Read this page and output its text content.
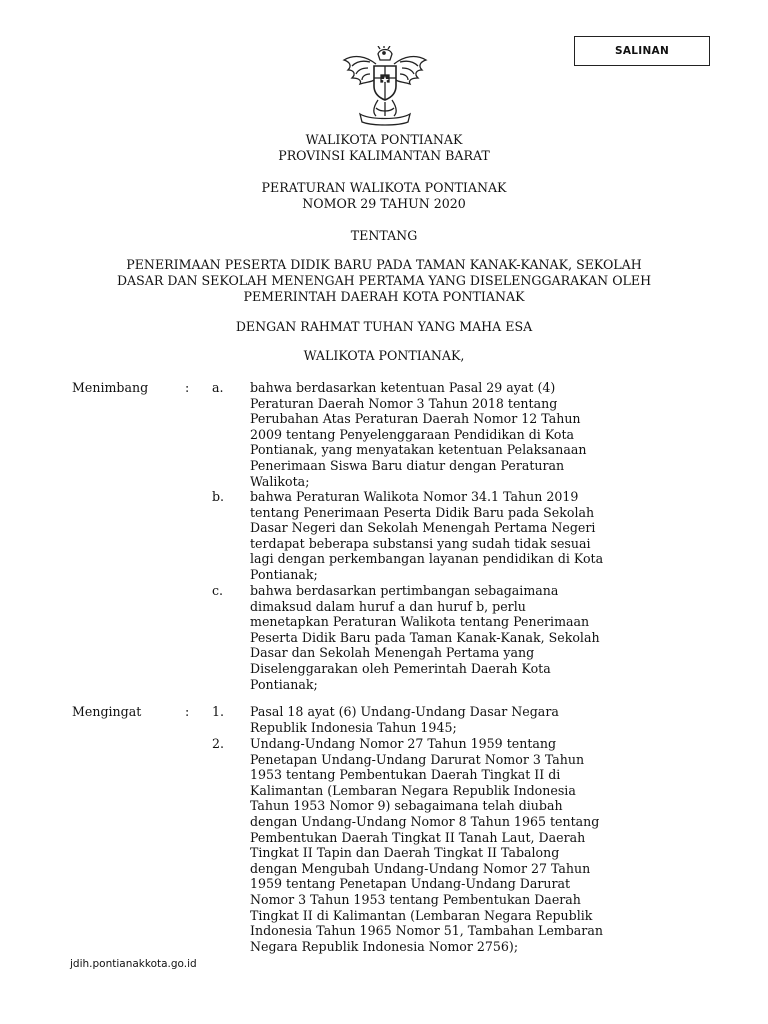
SALINAN
WALIKOTA PONTIANAK
PROVINSI KALIMANTAN BARAT
PERATURAN WALIKOTA PONTIANAK
NOMOR 29 TAHUN 2020
TENTANG
PENERIMAAN PESERTA DIDIK BARU PADA TAMAN KANAK-KANAK, SEKOLAH
DASAR DAN SEKOLAH MENENGAH PERTAMA YANG DISELENGGARAKAN OLEH
PEMERINTAH DAERAH KOTA PONTIANAK
DENGAN RAHMAT TUHAN YANG MAHA ESA
WALIKOTA PONTIANAK,
Menimbang	: a. bahwa berdasarkan ketentuan Pasal 29 ayat (4)
Peraturan Daerah Nomor 3 Tahun 2018 tentang
Perubahan Atas Peraturan Daerah Nomor 12 Tahun
2009 tentang Penyelenggaraan Pendidikan di Kota
Pontianak, yang menyatakan ketentuan Pelaksanaan
Penerimaan Siswa Baru diatur dengan Peraturan
Walikota;
b. bahwa Peraturan Walikota Nomor 34.1 Tahun 2019
tentang Penerimaan Peserta Didik Baru pada Sekolah
Dasar Negeri dan Sekolah Menengah Pertama Negeri
terdapat beberapa substansi yang sudah tidak sesuai
lagi dengan perkembangan layanan pendidikan di Kota
Pontianak;
c. bahwa berdasarkan pertimbangan sebagaimana
dimaksud dalam huruf a dan huruf b, perlu
menetapkan Peraturan Walikota tentang Penerimaan
Peserta Didik Baru pada Taman Kanak-Kanak, Sekolah
Dasar dan Sekolah Menengah Pertama yang
Diselenggarakan oleh Pemerintah Daerah Kota
Pontianak;
Mengingat	: 1. Pasal 18 ayat (6) Undang-Undang Dasar Negara
Republik Indonesia Tahun 1945;
2. Undang-Undang Nomor 27 Tahun 1959 tentang
Penetapan Undang-Undang Darurat Nomor 3 Tahun
1953 tentang Pembentukan Daerah Tingkat II di
Kalimantan (Lembaran Negara Republik Indonesia
Tahun 1953 Nomor 9) sebagaimana telah diubah
dengan Undang-Undang Nomor 8 Tahun 1965 tentang
Pembentukan Daerah Tingkat II Tanah Laut, Daerah
Tingkat II Tapin dan Daerah Tingkat II Tabalong
dengan Mengubah Undang-Undang Nomor 27 Tahun
1959 tentang Penetapan Undang-Undang Darurat
Nomor 3 Tahun 1953 tentang Pembentukan Daerah
Tingkat II di Kalimantan (Lembaran Negara Republik
Indonesia Tahun 1965 Nomor 51, Tambahan Lembaran
Negara Republik Indonesia Nomor 2756);
jdih.pontianakkota.go.id
